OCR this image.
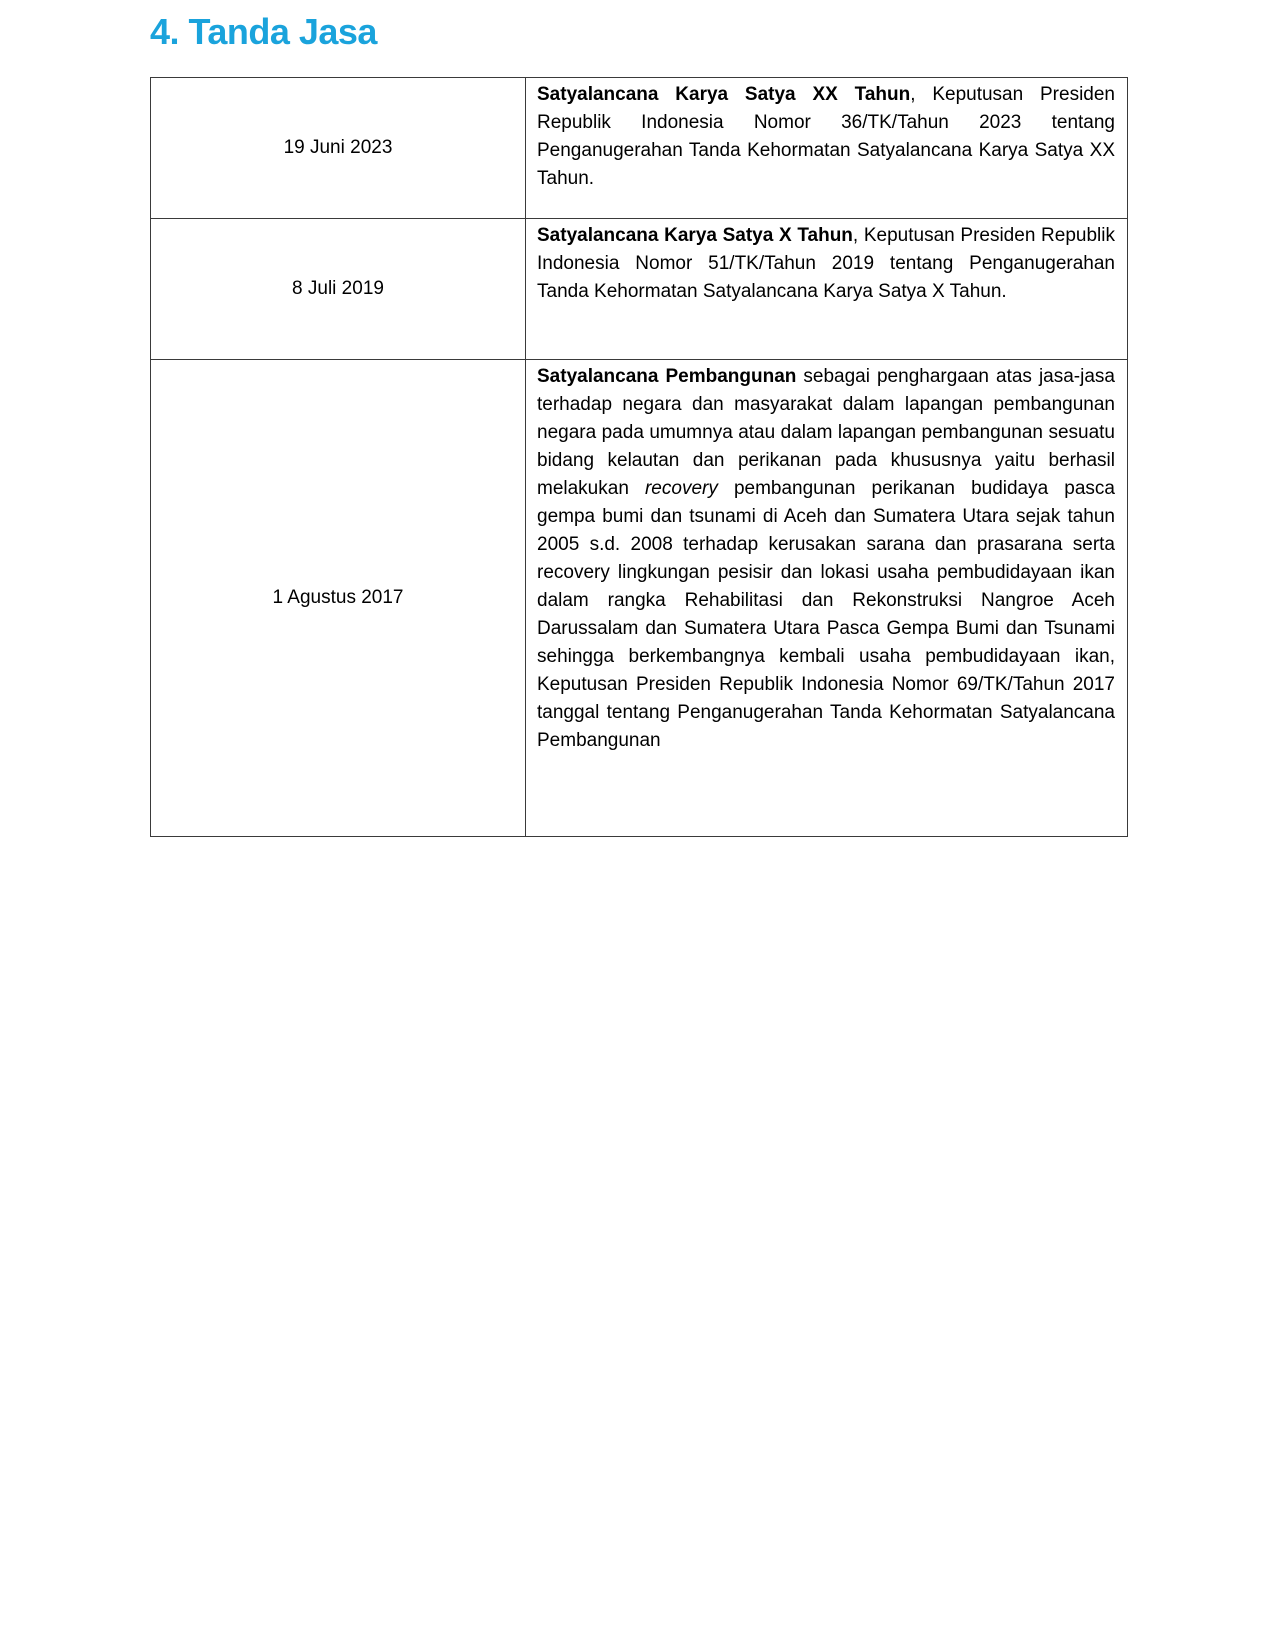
4. Tanda Jasa
19 Juni 2023	Satyalancana Karya Satya XX Tahun, Keputusan Presiden Republik Indonesia Nomor 36/TK/Tahun 2023 tentang Penganugerahan Tanda Kehormatan Satyalancana Karya Satya XX Tahun.
8 Juli 2019	Satyalancana Karya Satya X Tahun, Keputusan Presiden Republik Indonesia Nomor 51/TK/Tahun 2019 tentang Penganugerahan Tanda Kehormatan Satyalancana Karya Satya X Tahun.
1 Agustus 2017	Satyalancana Pembangunan sebagai penghargaan atas jasa-jasa terhadap negara dan masyarakat dalam lapangan pembangunan negara pada umumnya atau dalam lapangan pembangunan sesuatu bidang kelautan dan perikanan pada khususnya yaitu berhasil melakukan recovery pembangunan perikanan budidaya pasca gempa bumi dan tsunami di Aceh dan Sumatera Utara sejak tahun 2005 s.d. 2008 terhadap kerusakan sarana dan prasarana serta recovery lingkungan pesisir dan lokasi usaha pembudidayaan ikan dalam rangka Rehabilitasi dan Rekonstruksi Nangroe Aceh Darussalam dan Sumatera Utara Pasca Gempa Bumi dan Tsunami sehingga berkembangnya kembali usaha pembudidayaan ikan, Keputusan Presiden Republik Indonesia Nomor 69/TK/Tahun 2017 tanggal tentang Penganugerahan Tanda Kehormatan Satyalancana Pembangunan
